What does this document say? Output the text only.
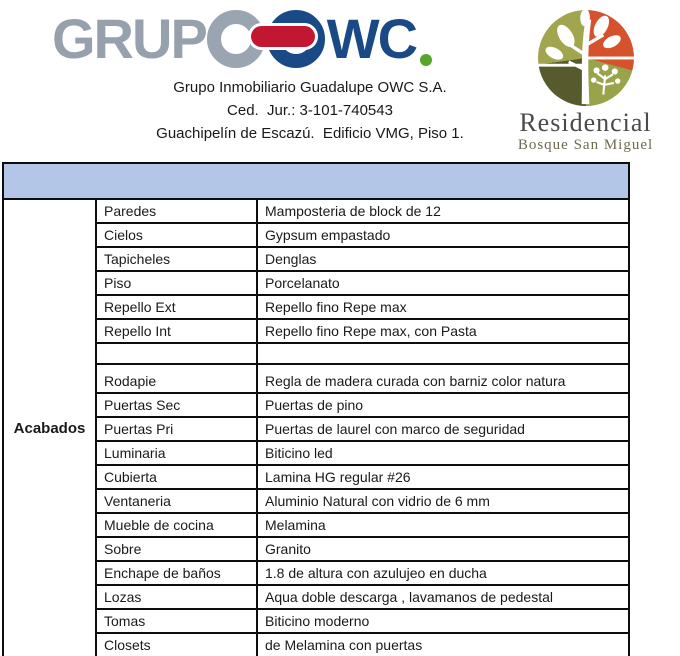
GRUP WC
Grupo Inmobiliario Guadalupe OWC S.A.
Ced.  Jur.: 3-101-740543
Guachipelín de Escazú.  Edificio VMG, Piso 1.	Residencial
Bosque San Miguel
Acabados
Paredes	Mamposteria de block de 12
Cielos	Gypsum empastado
Tapicheles	Denglas
Piso	Porcelanato
Repello Ext	Repello fino Repe max
Repello Int	Repello fino Repe max, con Pasta
Rodapie	Regla de madera curada con barniz color natura
Puertas Sec	Puertas de pino
Puertas Pri	Puertas de laurel con marco de seguridad
Luminaria	Biticino led
Cubierta	Lamina HG regular #26
Ventaneria	Aluminio Natural con vidrio de 6 mm
Mueble de cocina	Melamina
Sobre	Granito
Enchape de baños	1.8 de altura con azulujeo en ducha
Lozas	Aqua doble descarga , lavamanos de pedestal
Tomas	Biticino moderno
Closets	de Melamina con puertas
